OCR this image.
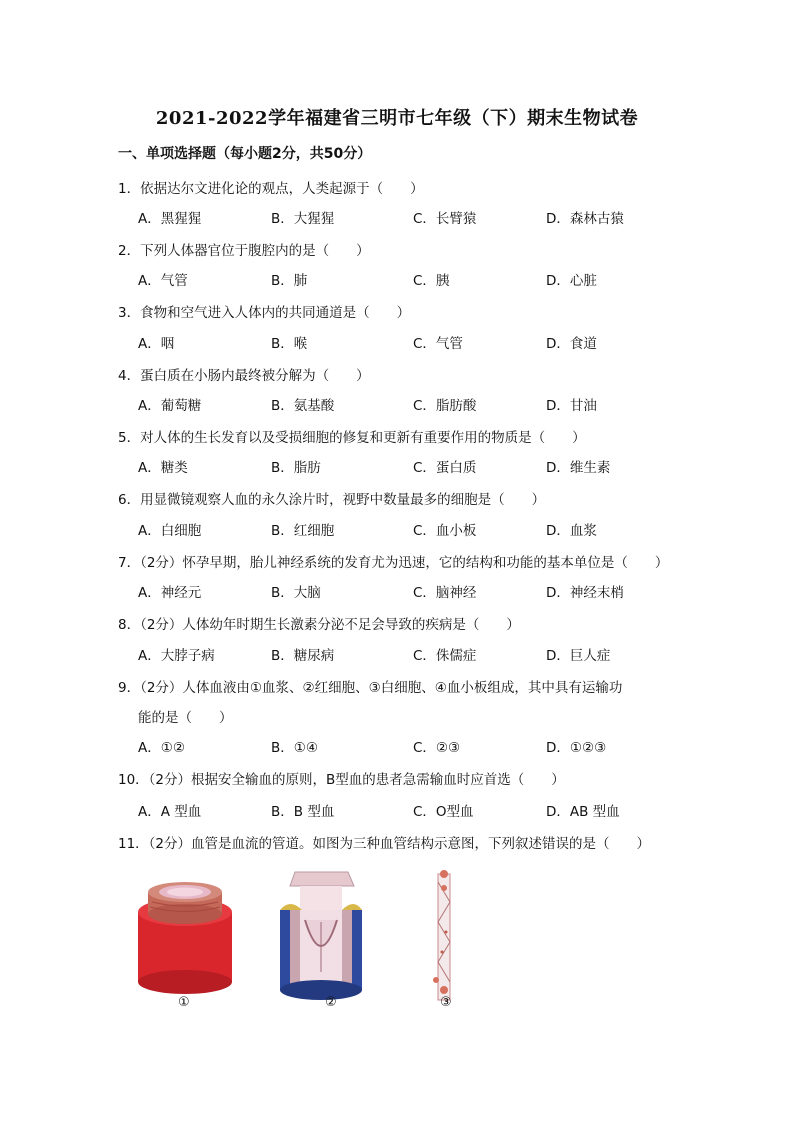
2021-2022学年福建省三明市七年级（下）期末生物试卷
一、单项选择题（每小题2分，共50分）
1．依据达尔文进化论的观点，人类起源于（　　）
A．黑猩猩	B．大猩猩	C．长臂猿	D．森林古猿
2．下列人体器官位于腹腔内的是（　　）
A．气管	B．肺	C．胰	D．心脏
3．食物和空气进入人体内的共同通道是（　　）
A．咽	B．喉	C．气管	D．食道
4．蛋白质在小肠内最终被分解为（　　）
A．葡萄糖	B．氨基酸	C．脂肪酸	D．甘油
5．对人体的生长发育以及受损细胞的修复和更新有重要作用的物质是（　　）
A．糖类	B．脂肪	C．蛋白质	D．维生素
6．用显微镜观察人血的永久涂片时，视野中数量最多的细胞是（　　）
A．白细胞	B．红细胞	C．血小板	D．血浆
7．（2分）怀孕早期，胎儿神经系统的发育尤为迅速，它的结构和功能的基本单位是（　　）
A．神经元	B．大脑	C．脑神经	D．神经末梢
8．（2分）人体幼年时期生长激素分泌不足会导致的疾病是（　　）
A．大脖子病	B．糖尿病	C．侏儒症	D．巨人症
9．（2分）人体血液由①血浆、②红细胞、③白细胞、④血小板组成，其中具有运输功
能的是（　　）
A．①②	B．①④	C．②③	D．①②③
10．（2分）根据安全输血的原则，B型血的患者急需输血时应首选（　　）
A．A 型血	B．B 型血	C．O型血	D．AB 型血
11．（2分）血管是血流的管道。如图为三种血管结构示意图，下列叙述错误的是（　　）
①	②	③
